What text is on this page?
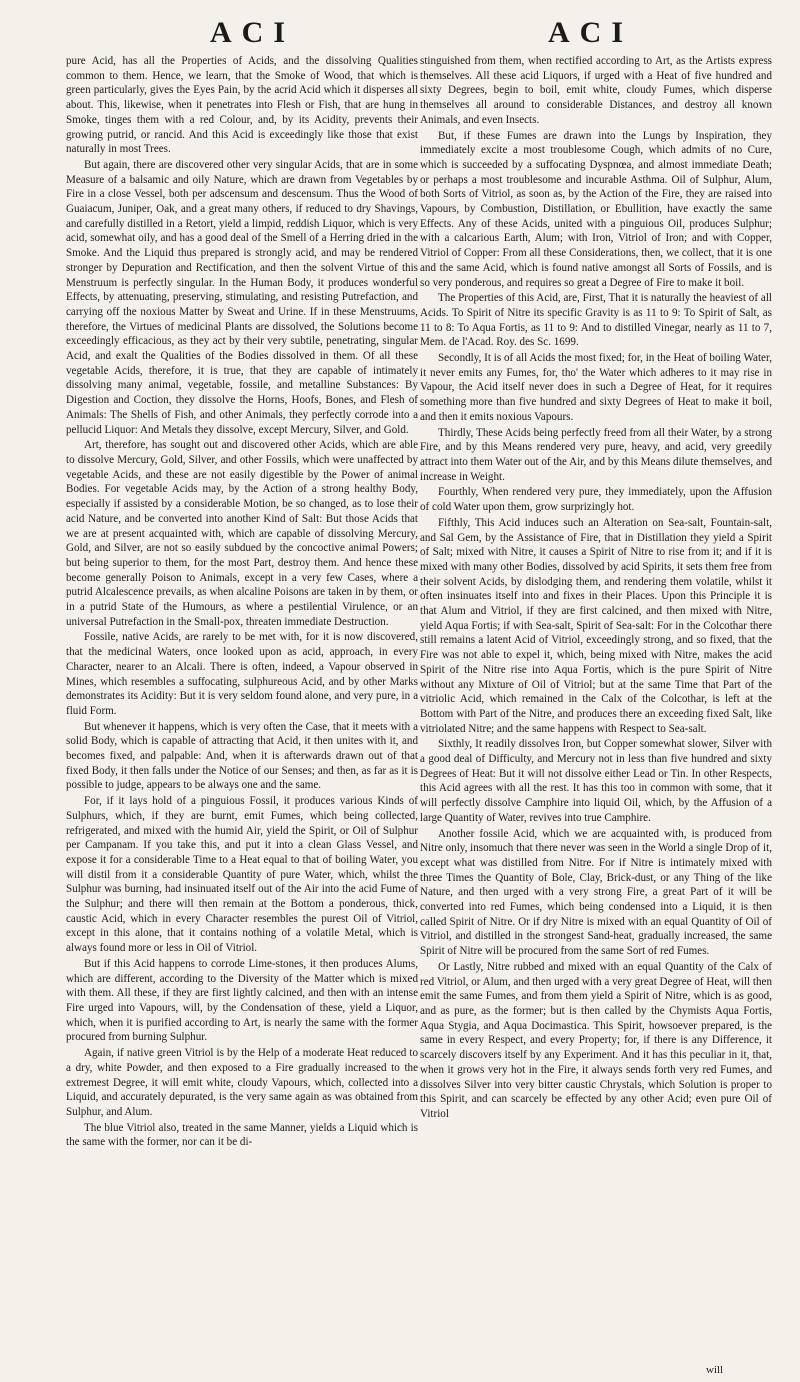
ACI	ACI

pure Acid, has all the Properties of Acids, and the dissolving Qualities common to them. Hence, we learn, that the Smoke of Wood, that which is green particularly, gives the Eyes Pain, by the acrid Acid which it disperses all about. This, likewise, when it penetrates into Flesh or Fish, that are hung in Smoke, tinges them with a red Colour, and, by its Acidity, prevents their growing putrid, or rancid. And this Acid is exceedingly like those that exist naturally in most Trees.

But again, there are discovered other very singular Acids, that are in some Measure of a balsamic and oily Nature, which are drawn from Vegetables by Fire in a close Vessel, both per adscensum and descensum. Thus the Wood of Guaiacum, Juniper, Oak, and a great many others, if reduced to dry Shavings, and carefully distilled in a Retort, yield a limpid, reddish Liquor, which is very acid, somewhat oily, and has a good deal of the Smell of a Herring dried in the Smoke. And the Liquid thus prepared is strongly acid, and may be rendered stronger by Depuration and Rectification, and then the solvent Virtue of this Menstruum is perfectly singular. In the Human Body, it produces wonderful Effects, by attenuating, preserving, stimulating, and resisting Putrefaction, and carrying off the noxious Matter by Sweat and Urine. If in these Menstruums, therefore, the Virtues of medicinal Plants are dissolved, the Solutions become exceedingly efficacious, as they act by their very subtile, penetrating, singular Acid, and exalt the Qualities of the Bodies dissolved in them. Of all these vegetable Acids, therefore, it is true, that they are capable of intimately dissolving many animal, vegetable, fossile, and metalline Substances: By Digestion and Coction, they dissolve the Horns, Hoofs, Bones, and Flesh of Animals: The Shells of Fish, and other Animals, they perfectly corrode into a pellucid Liquor: And Metals they dissolve, except Mercury, Silver, and Gold.

Art, therefore, has sought out and discovered other Acids, which are able to dissolve Mercury, Gold, Silver, and other Fossils, which were unaffected by vegetable Acids, and these are not easily digestible by the Power of animal Bodies. For vegetable Acids may, by the Action of a strong healthy Body, especially if assisted by a considerable Motion, be so changed, as to lose their acid Nature, and be converted into another Kind of Salt: But those Acids that we are at present acquainted with, which are capable of dissolving Mercury, Gold, and Silver, are not so easily subdued by the concoctive animal Powers; but being superior to them, for the most Part, destroy them. And hence these become generally Poison to Animals, except in a very few Cases, where a putrid Alcalescence prevails, as when alcaline Poisons are taken in by them, or in a putrid State of the Humours, as where a pestilential Virulence, or an universal Putrefaction in the Small-pox, threaten immediate Destruction.

Fossile, native Acids, are rarely to be met with, for it is now discovered, that the medicinal Waters, once looked upon as acid, approach, in every Character, nearer to an Alcali. There is often, indeed, a Vapour observed in Mines, which resembles a suffocating, sulphureous Acid, and by other Marks demonstrates its Acidity: But it is very seldom found alone, and very pure, in a fluid Form.

But whenever it happens, which is very often the Case, that it meets with a solid Body, which is capable of attracting that Acid, it then unites with it, and becomes fixed, and palpable: And, when it is afterwards drawn out of that fixed Body, it then falls under the Notice of our Senses; and then, as far as it is possible to judge, appears to be always one and the same.

For, if it lays hold of a pinguious Fossil, it produces various Kinds of Sulphurs, which, if they are burnt, emit Fumes, which being collected, refrigerated, and mixed with the humid Air, yield the Spirit, or Oil of Sulphur per Campanam. If you take this, and put it into a clean Glass Vessel, and expose it for a considerable Time to a Heat equal to that of boiling Water, you will distil from it a considerable Quantity of pure Water, which, whilst the Sulphur was burning, had insinuated itself out of the Air into the acid Fume of the Sulphur; and there will then remain at the Bottom a ponderous, thick, caustic Acid, which in every Character resembles the purest Oil of Vitriol, except in this alone, that it contains nothing of a volatile Metal, which is always found more or less in Oil of Vitriol.

But if this Acid happens to corrode Lime-stones, it then produces Alums, which are different, according to the Diversity of the Matter which is mixed with them. All these, if they are first lightly calcined, and then with an intense Fire urged into Vapours, will, by the Condensation of these, yield a Liquor, which, when it is purified according to Art, is nearly the same with the former procured from burning Sulphur.

Again, if native green Vitriol is by the Help of a moderate Heat reduced to a dry, white Powder, and then exposed to a Fire gradually increased to the extremest Degree, it will emit white, cloudy Vapours, which, collected into a Liquid, and accurately depurated, is the very same again as was obtained from Sulphur, and Alum.

The blue Vitriol also, treated in the same Manner, yields a Liquid which is the same with the former, nor can it be di-

stinguished from them, when rectified according to Art, as the Artists express themselves. All these acid Liquors, if urged with a Heat of five hundred and sixty Degrees, begin to boil, emit white, cloudy Fumes, which disperse themselves all around to considerable Distances, and destroy all known Animals, and even Insects.

But, if these Fumes are drawn into the Lungs by Inspiration, they immediately excite a most troublesome Cough, which admits of no Cure, which is succeeded by a suffocating Dyspnœa, and almost immediate Death; or perhaps a most troublesome and incurable Asthma. Oil of Sulphur, Alum, both Sorts of Vitriol, as soon as, by the Action of the Fire, they are raised into Vapours, by Combustion, Distillation, or Ebullition, have exactly the same Effects. Any of these Acids, united with a pinguious Oil, produces Sulphur; with a calcarious Earth, Alum; with Iron, Vitriol of Iron; and with Copper, Vitriol of Copper: From all these Considerations, then, we collect, that it is one and the same Acid, which is found native amongst all Sorts of Fossils, and is so very ponderous, and requires so great a Degree of Fire to make it boil.

The Properties of this Acid, are, First, That it is naturally the heaviest of all Acids. To Spirit of Nitre its specific Gravity is as 11 to 9: To Spirit of Salt, as 11 to 8: To Aqua Fortis, as 11 to 9: And to distilled Vinegar, nearly as 11 to 7, Mem. de l'Acad. Roy. des Sc. 1699.

Secondly, It is of all Acids the most fixed; for, in the Heat of boiling Water, it never emits any Fumes, for, tho' the Water which adheres to it may rise in Vapour, the Acid itself never does in such a Degree of Heat, for it requires something more than five hundred and sixty Degrees of Heat to make it boil, and then it emits noxious Vapours.

Thirdly, These Acids being perfectly freed from all their Water, by a strong Fire, and by this Means rendered very pure, heavy, and acid, very greedily attract into them Water out of the Air, and by this Means dilute themselves, and increase in Weight.

Fourthly, When rendered very pure, they immediately, upon the Affusion of cold Water upon them, grow surprizingly hot.

Fifthly, This Acid induces such an Alteration on Sea-salt, Fountain-salt, and Sal Gem, by the Assistance of Fire, that in Distillation they yield a Spirit of Salt; mixed with Nitre, it causes a Spirit of Nitre to rise from it; and if it is mixed with many other Bodies, dissolved by acid Spirits, it sets them free from their solvent Acids, by dislodging them, and rendering them volatile, whilst it often insinuates itself into and fixes in their Places. Upon this Principle it is that Alum and Vitriol, if they are first calcined, and then mixed with Nitre, yield Aqua Fortis; if with Sea-salt, Spirit of Sea-salt: For in the Colcothar there still remains a latent Acid of Vitriol, exceedingly strong, and so fixed, that the Fire was not able to expel it, which, being mixed with Nitre, makes the acid Spirit of the Nitre rise into Aqua Fortis, which is the pure Spirit of Nitre without any Mixture of Oil of Vitriol; but at the same Time that Part of the vitriolic Acid, which remained in the Calx of the Colcothar, is left at the Bottom with Part of the Nitre, and produces there an exceeding fixed Salt, like vitriolated Nitre; and the same happens with Respect to Sea-salt.

Sixthly, It readily dissolves Iron, but Copper somewhat slower, Silver with a good deal of Difficulty, and Mercury not in less than five hundred and sixty Degrees of Heat: But it will not dissolve either Lead or Tin. In other Respects, this Acid agrees with all the rest. It has this too in common with some, that it will perfectly dissolve Camphire into liquid Oil, which, by the Affusion of a large Quantity of Water, revives into true Camphire.

Another fossile Acid, which we are acquainted with, is produced from Nitre only, insomuch that there never was seen in the World a single Drop of it, except what was distilled from Nitre. For if Nitre is intimately mixed with three Times the Quantity of Bole, Clay, Brick-dust, or any Thing of the like Nature, and then urged with a very strong Fire, a great Part of it will be converted into red Fumes, which being condensed into a Liquid, it is then called Spirit of Nitre. Or if dry Nitre is mixed with an equal Quantity of Oil of Vitriol, and distilled in the strongest Sand-heat, gradually increased, the same Spirit of Nitre will be procured from the same Sort of red Fumes.

Or Lastly, Nitre rubbed and mixed with an equal Quantity of the Calx of red Vitriol, or Alum, and then urged with a very great Degree of Heat, will then emit the same Fumes, and from them yield a Spirit of Nitre, which is as good, and as pure, as the former; but is then called by the Chymists Aqua Fortis, Aqua Stygia, and Aqua Docimastica. This Spirit, howsoever prepared, is the same in every Respect, and every Property; for, if there is any Difference, it scarcely discovers itself by any Experiment. And it has this peculiar in it, that, when it grows very hot in the Fire, it always sends forth very red Fumes, and dissolves Silver into very bitter caustic Chrystals, which Solution is proper to this Spirit, and can scarcely be effected by any other Acid; even pure Oil of Vitriol

will
